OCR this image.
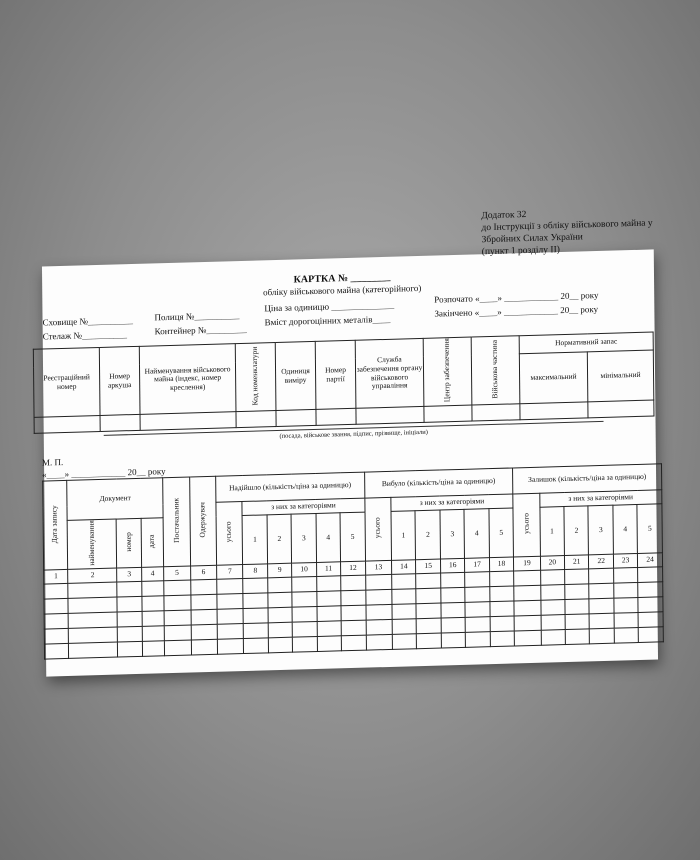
Додаток 32
до Інструкції з обліку військового майна у
Збройних Силах України
(пункт 1 розділу ІІ)
КАРТКА № ________
обліку військового майна (категорійного)
Сховище №__________
Стелаж №__________
Полиця №__________
Контейнер №_________
Ціна за одиницю ______________
Вміст дорогоцінних металів____
Розпочато «____» ____________ 20__ року
Закінчено «____» ____________ 20__ року
Реєстраційний номер	Номер аркуша	Найменування військового майна (індекс, номер креслення)	Код номенклатури	Одиниця виміру	Номер партії	Служба забезпечення органу військового управління	Центр забезпечення	Військова частина	Нормативний запас	
									максимальний	мінімальний

(посада, військове звання, підпис, прізвище, ініціали)
М. П.
«____» ____________ 20__ року
Дата запису	Документ			Постачальник	Одержувач	Надійшло (кількість/ціна за одиницю)						Вибуло (кількість/ціна за одиницю)						Залишок (кількість/ціна за одиницю)					
						усього	з них за категоріями					усього	з них за категоріями					усього	з них за категоріями				
	найменування	номер	дата				1	2	3	4	5		1	2	3	4	5		1	2	3	4	5
1	2	3	4	5	6	7	8	9	10	11	12	13	14	15	16	17	18	19	20	21	22	23	24
